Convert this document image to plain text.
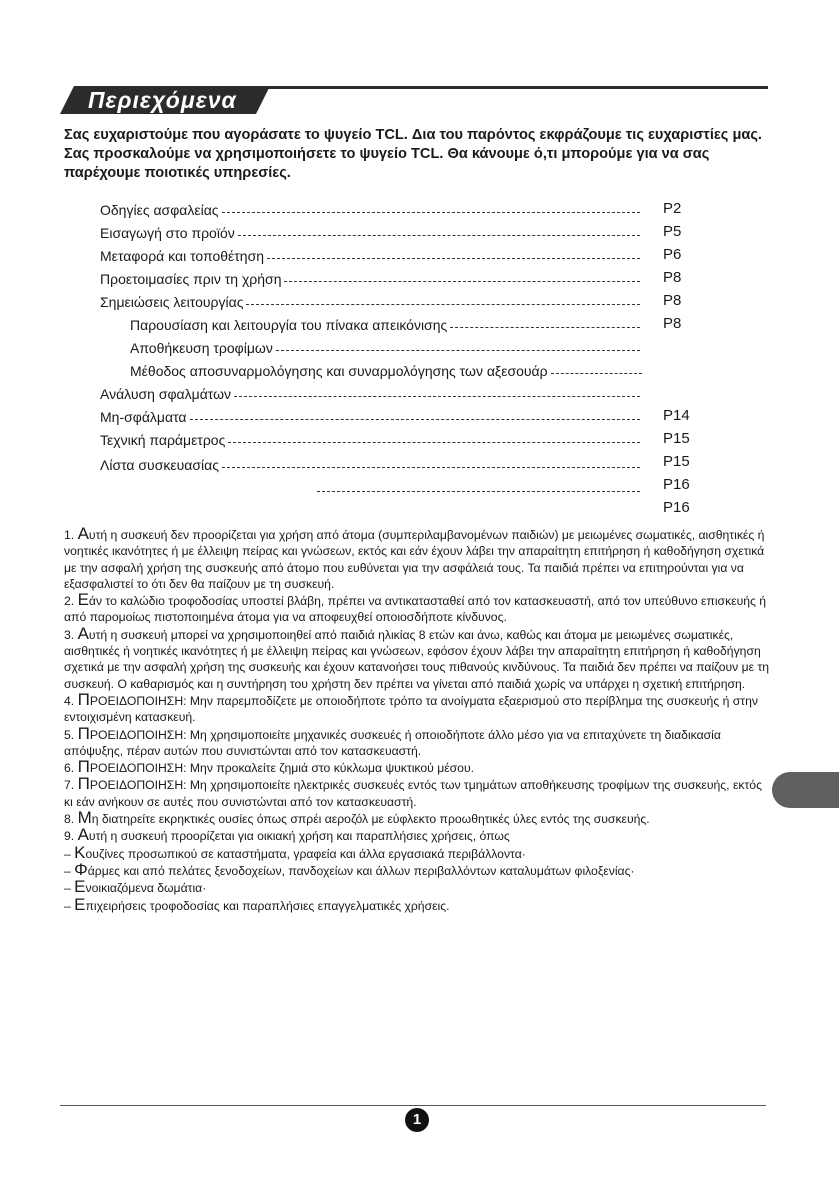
Περιεχόμενα
Σας ευχαριστούμε που αγοράσατε το ψυγείο TCL. Δια του παρόντος εκφράζουμε τις ευχαριστίες μας. Σας προσκαλούμε να χρησιμοποιήσετε το ψυγείο TCL. Θα κάνουμε ό,τι μπορούμε για να σας παρέχουμε ποιοτικές υπηρεσίες.
Οδηγίες ασφαλείας
Εισαγωγή στο προϊόν
Μεταφορά και τοποθέτηση
Προετοιμασίες πριν τη χρήση
Σημειώσεις λειτουργίας
Παρουσίαση και λειτουργία του πίνακα απεικόνισης
Αποθήκευση τροφίμων
Μέθοδος αποσυναρμολόγησης και συναρμολόγησης των αξεσουάρ
Ανάλυση σφαλμάτων
Μη-σφάλματα
Τεχνική παράμετρος
Λίστα συσκευασίας
P2
P5
P6
P8
P8
P8
P14
P15
P15
P16
P16

1. Αυτή η συσκευή δεν προορίζεται για χρήση από άτομα (συμπεριλαμβανομένων παιδιών) με μειωμένες σωματικές, αισθητικές ή νοητικές ικανότητες ή με έλλειψη πείρας και γνώσεων, εκτός και εάν έχουν λάβει την απαραίτητη επιτήρηση ή καθοδήγηση σχετικά με την ασφαλή χρήση της συσκευής από άτομο που ευθύνεται για την ασφάλειά τους. Τα παιδιά πρέπει να επιτηρούνται για να εξασφαλιστεί το ότι δεν θα παίζουν με τη συσκευή.

2. Εάν το καλώδιο τροφοδοσίας υποστεί βλάβη, πρέπει να αντικατασταθεί από τον κατασκευαστή, από τον υπεύθυνο επισκευής ή από παρομοίως πιστοποιημένα άτομα για να αποφευχθεί οποιοσδήποτε κίνδυνος.

3. Αυτή η συσκευή μπορεί να χρησιμοποιηθεί από παιδιά ηλικίας 8 ετών και άνω, καθώς και άτομα με μειωμένες σωματικές, αισθητικές ή νοητικές ικανότητες ή με έλλειψη πείρας και γνώσεων, εφόσον έχουν λάβει την απαραίτητη επιτήρηση ή καθοδήγηση σχετικά με την ασφαλή χρήση της συσκευής και έχουν κατανοήσει τους πιθανούς κινδύνους. Τα παιδιά δεν πρέπει να παίζουν με τη συσκευή. Ο καθαρισμός και η συντήρηση του χρήστη δεν πρέπει να γίνεται από παιδιά χωρίς να υπάρχει η σχετική επιτήρηση.

4. ΠΡΟΕΙΔΟΠΟΙΗΣΗ: Μην παρεμποδίζετε με οποιοδήποτε τρόπο τα ανοίγματα εξαερισμού στο περίβλημα της συσκευής ή στην εντοιχισμένη κατασκευή.

5. ΠΡΟΕΙΔΟΠΟΙΗΣΗ: Μη χρησιμοποιείτε μηχανικές συσκευές ή οποιοδήποτε άλλο μέσο για να επιταχύνετε τη διαδικασία απόψυξης, πέραν αυτών που συνιστώνται από τον κατασκευαστή.

6. ΠΡΟΕΙΔΟΠΟΙΗΣΗ: Μην προκαλείτε ζημιά στο κύκλωμα ψυκτικού μέσου.

7. ΠΡΟΕΙΔΟΠΟΙΗΣΗ: Μη χρησιμοποιείτε ηλεκτρικές συσκευές εντός των τμημάτων αποθήκευσης τροφίμων της συσκευής, εκτός κι εάν ανήκουν σε αυτές που συνιστώνται από τον κατασκευαστή.

8. Μη διατηρείτε εκρηκτικές ουσίες όπως σπρέι αεροζόλ με εύφλεκτο προωθητικές ύλες εντός της συσκευής.

9. Αυτή η συσκευή προορίζεται για οικιακή χρήση και παραπλήσιες χρήσεις, όπως

– Κουζίνες προσωπικού σε καταστήματα, γραφεία και άλλα εργασιακά περιβάλλοντα·

– Φάρμες και από πελάτες ξενοδοχείων, πανδοχείων και άλλων περιβαλλόντων καταλυμάτων φιλοξενίας·

– Ενοικιαζόμενα δωμάτια·

– Επιχειρήσεις τροφοδοσίας και παραπλήσιες επαγγελματικές χρήσεις.

1
